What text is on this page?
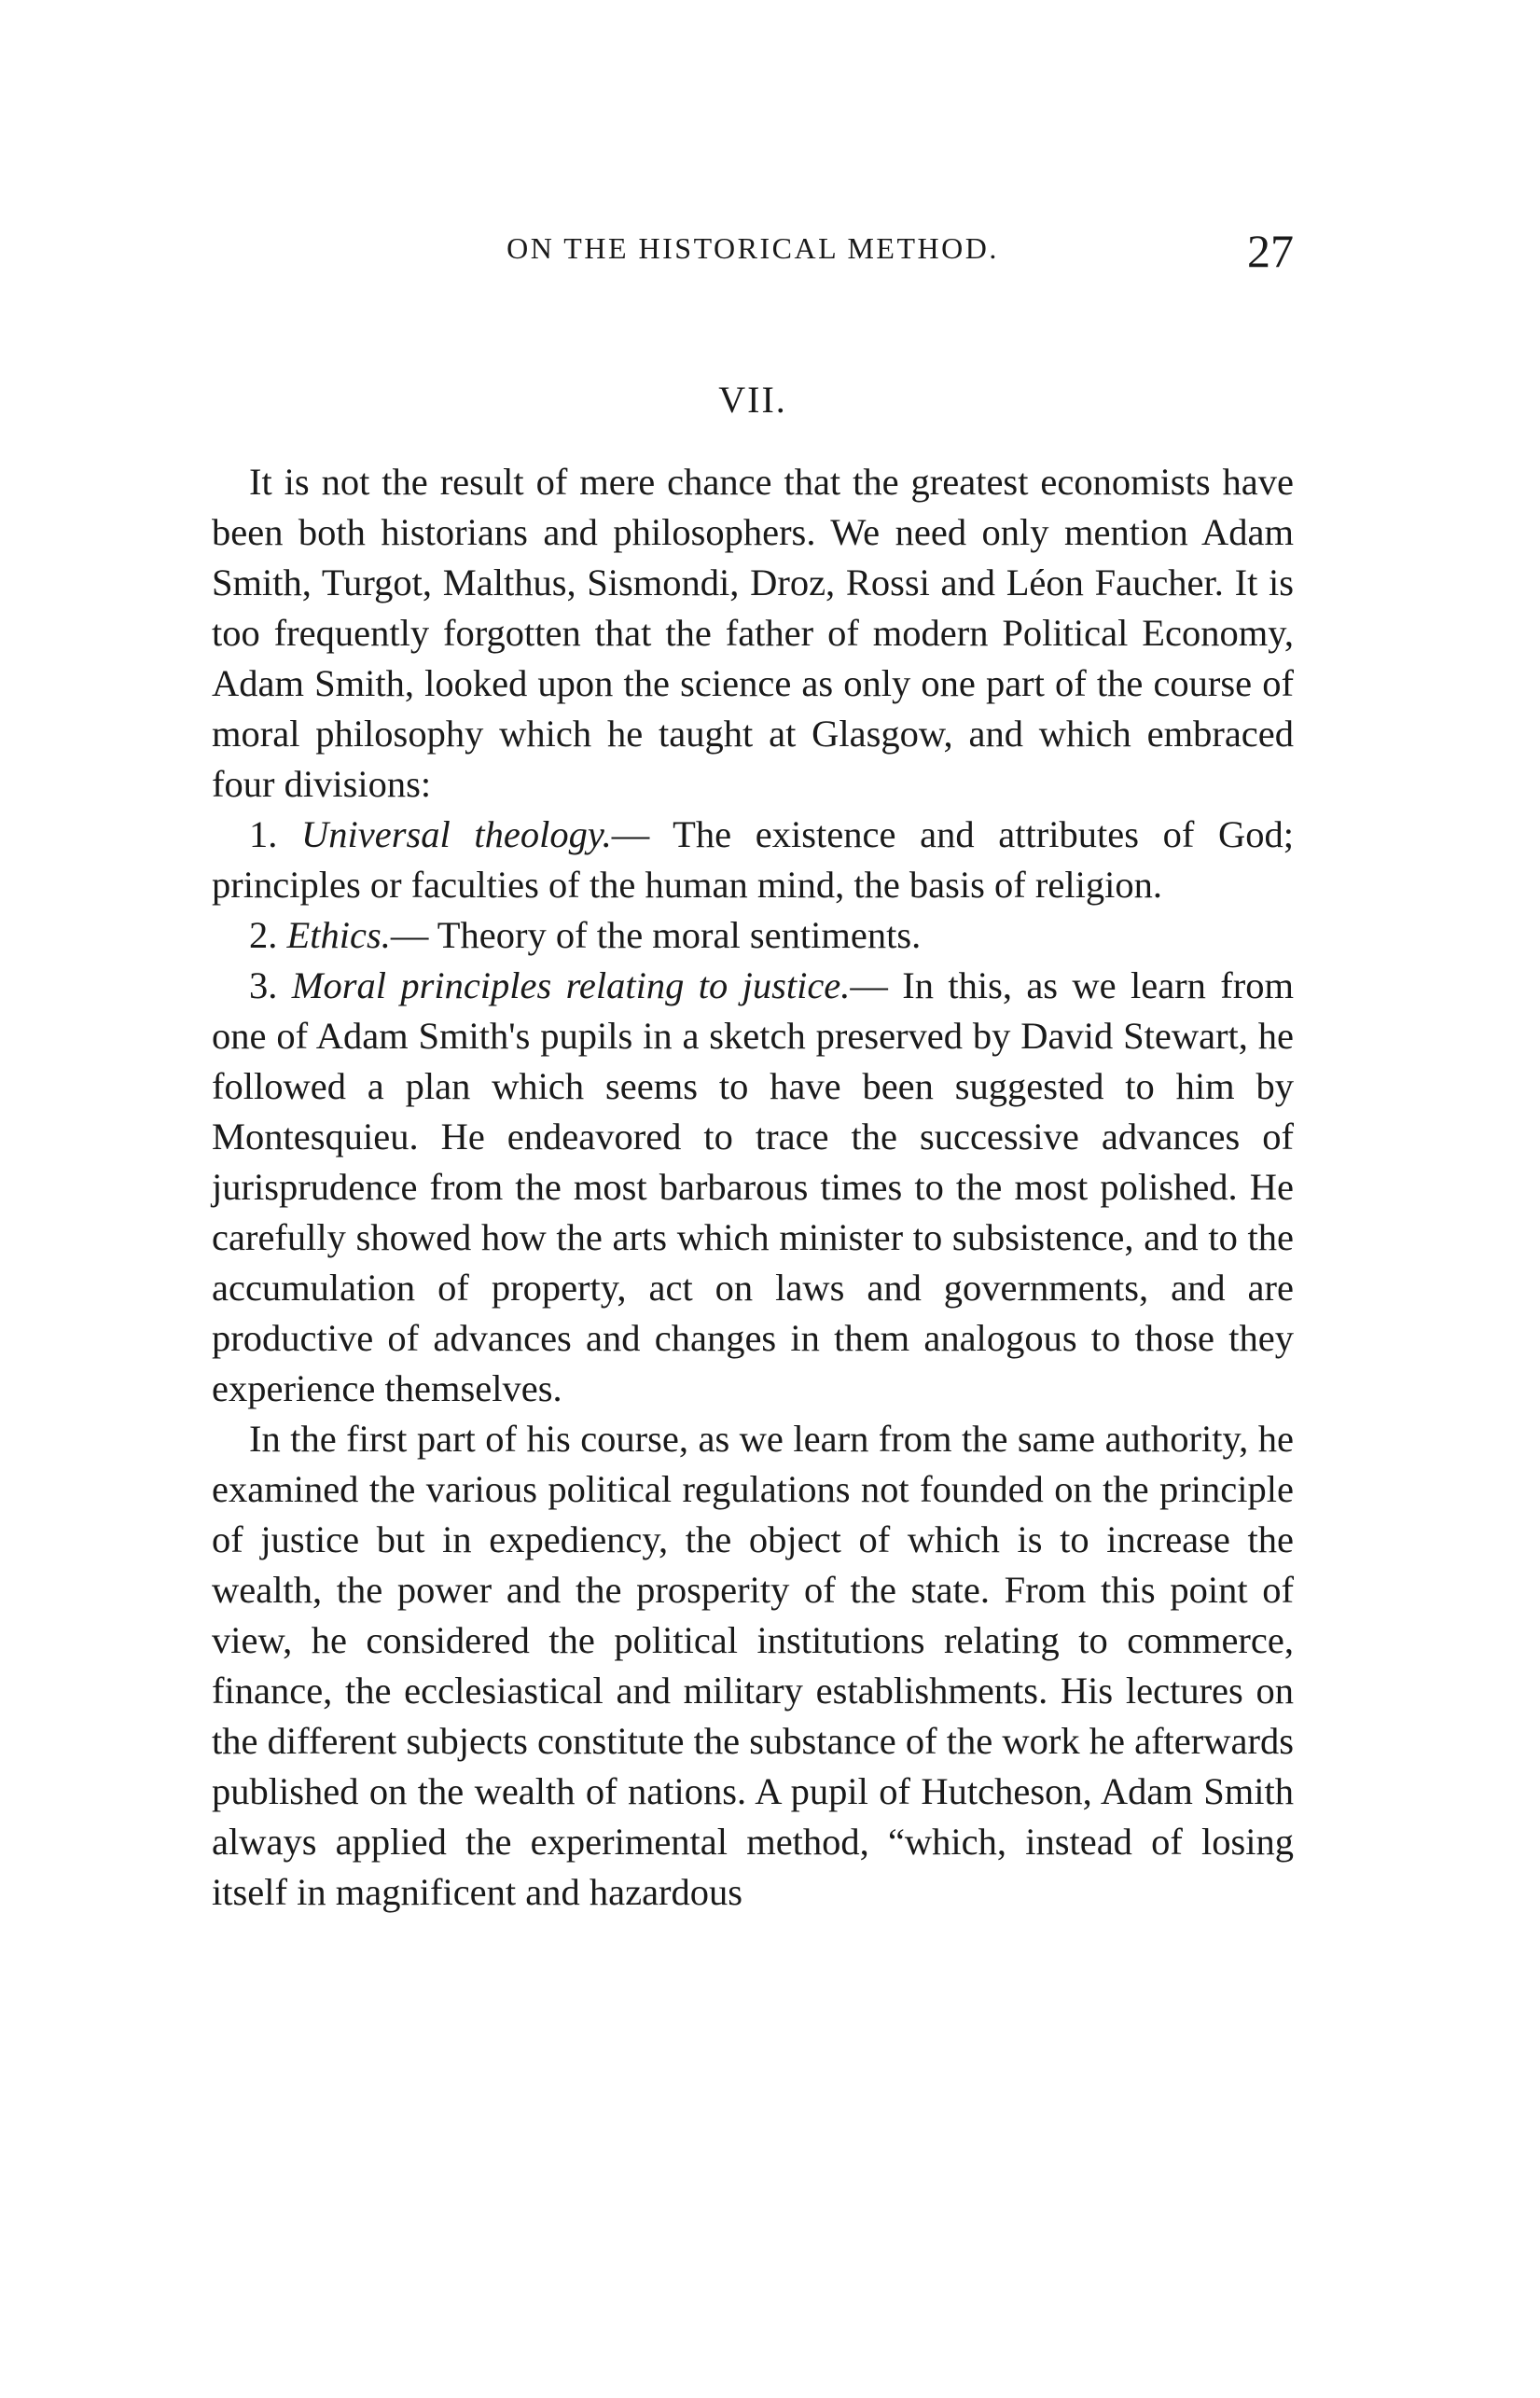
ON THE HISTORICAL METHOD.	27
VII.

It is not the result of mere chance that the greatest economists have been both historians and philosophers. We need only mention Adam Smith, Turgot, Malthus, Sismondi, Droz, Rossi and Léon Faucher. It is too frequently forgotten that the father of modern Political Economy, Adam Smith, looked upon the science as only one part of the course of moral philosophy which he taught at Glasgow, and which embraced four divisions:

1. Universal theology.— The existence and attributes of God; principles or faculties of the human mind, the basis of religion.

2. Ethics.— Theory of the moral sentiments.

3. Moral principles relating to justice.— In this, as we learn from one of Adam Smith's pupils in a sketch preserved by David Stewart, he followed a plan which seems to have been suggested to him by Montesquieu. He endeavored to trace the successive advances of jurisprudence from the most barbarous times to the most polished. He carefully showed how the arts which minister to subsistence, and to the accumulation of property, act on laws and governments, and are productive of advances and changes in them analogous to those they experience themselves.

In the first part of his course, as we learn from the same authority, he examined the various political regulations not founded on the principle of justice but in expediency, the object of which is to increase the wealth, the power and the prosperity of the state. From this point of view, he considered the political institutions relating to commerce, finance, the ecclesiastical and military establishments. His lectures on the different subjects constitute the substance of the work he afterwards published on the wealth of nations. A pupil of Hutcheson, Adam Smith always applied the experimental method, “which, instead of losing itself in magnificent and hazardous
